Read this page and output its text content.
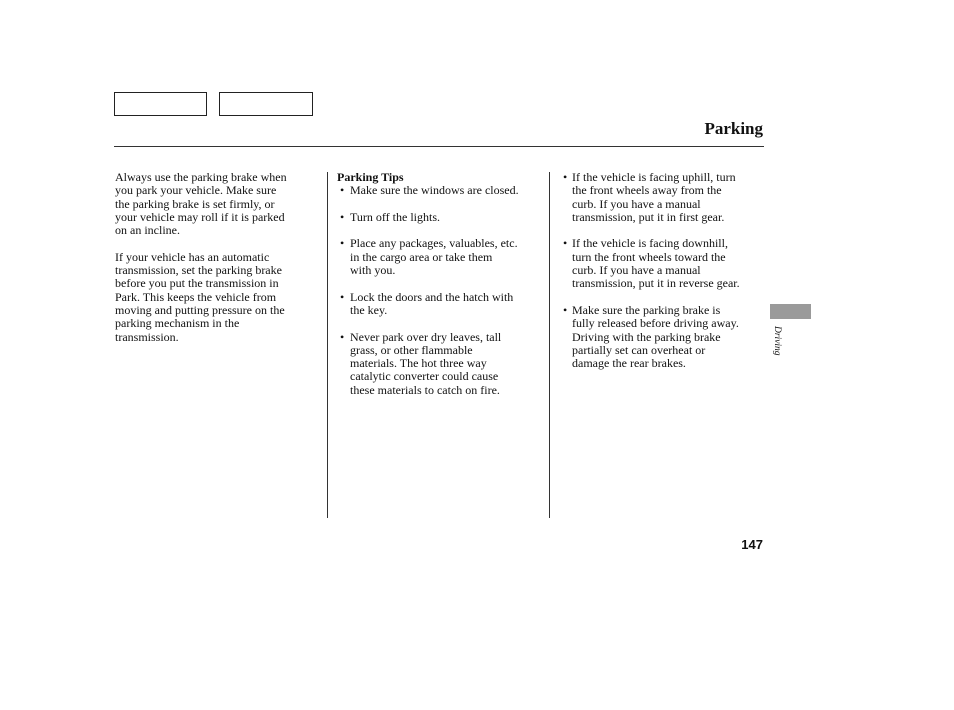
Parking

Always use the parking brake when
you park your vehicle. Make sure
the parking brake is set firmly, or
your vehicle may roll if it is parked
on an incline.

If your vehicle has an automatic
transmission, set the parking brake
before you put the transmission in
Park. This keeps the vehicle from
moving and putting pressure on the
parking mechanism in the
transmission.

Parking Tips

• Make sure the windows are closed.
• Turn off the lights.
• Place any packages, valuables, etc.
in the cargo area or take them
with you.
• Lock the doors and the hatch with
the key.
• Never park over dry leaves, tall
grass, or other flammable
materials. The hot three way
catalytic converter could cause
these materials to catch on fire.
• If the vehicle is facing uphill, turn
the front wheels away from the
curb. If you have a manual
transmission, put it in first gear.
• If the vehicle is facing downhill,
turn the front wheels toward the
curb. If you have a manual
transmission, put it in reverse gear.
• Make sure the parking brake is
fully released before driving away.
Driving with the parking brake
partially set can overheat or
damage the rear brakes.
Driving
147
